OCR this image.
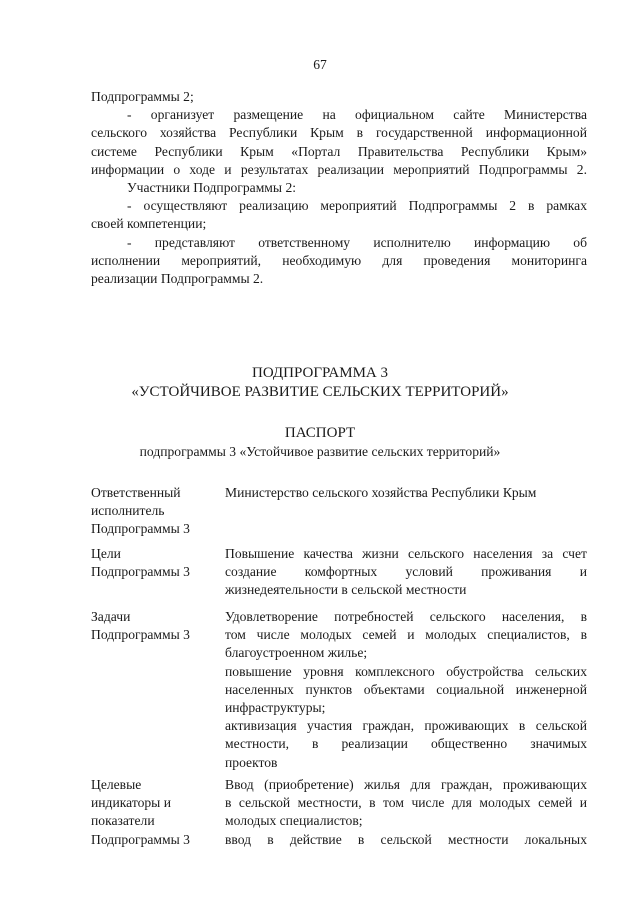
67
Подпрограммы 2;
- организует размещение на официальном сайте Министерства
сельского хозяйства Республики Крым в государственной информационной
системе Республики Крым «Портал Правительства Республики Крым»
информации о ходе и результатах реализации мероприятий Подпрограммы 2.
Участники Подпрограммы 2:
- осуществляют реализацию мероприятий Подпрограммы 2 в рамках
своей компетенции;
- представляют ответственному исполнителю информацию об
исполнении мероприятий, необходимую для проведения мониторинга
реализации Подпрограммы 2.
ПОДПРОГРАММА 3
«УСТОЙЧИВОЕ РАЗВИТИЕ СЕЛЬСКИХ ТЕРРИТОРИЙ»
ПАСПОРТ
подпрограммы 3 «Устойчивое развитие сельских территорий»
Ответственный
исполнитель
Подпрограммы 3
Министерство сельского хозяйства Республики Крым
Цели
Подпрограммы 3
Повышение качества жизни сельского населения за счет
создание комфортных условий проживания и
жизнедеятельности в сельской местности
Задачи
Подпрограммы 3
Удовлетворение потребностей сельского населения, в
том числе молодых семей и молодых специалистов, в
благоустроенном жилье;
повышение уровня комплексного обустройства сельских
населенных пунктов объектами социальной инженерной
инфраструктуры;
активизация участия граждан, проживающих в сельской
местности, в реализации общественно значимых
проектов
Целевые
индикаторы и
показатели
Подпрограммы 3
Ввод (приобретение) жилья для граждан, проживающих
в сельской местности, в том числе для молодых семей и
молодых специалистов;
ввод в действие в сельской местности локальных
